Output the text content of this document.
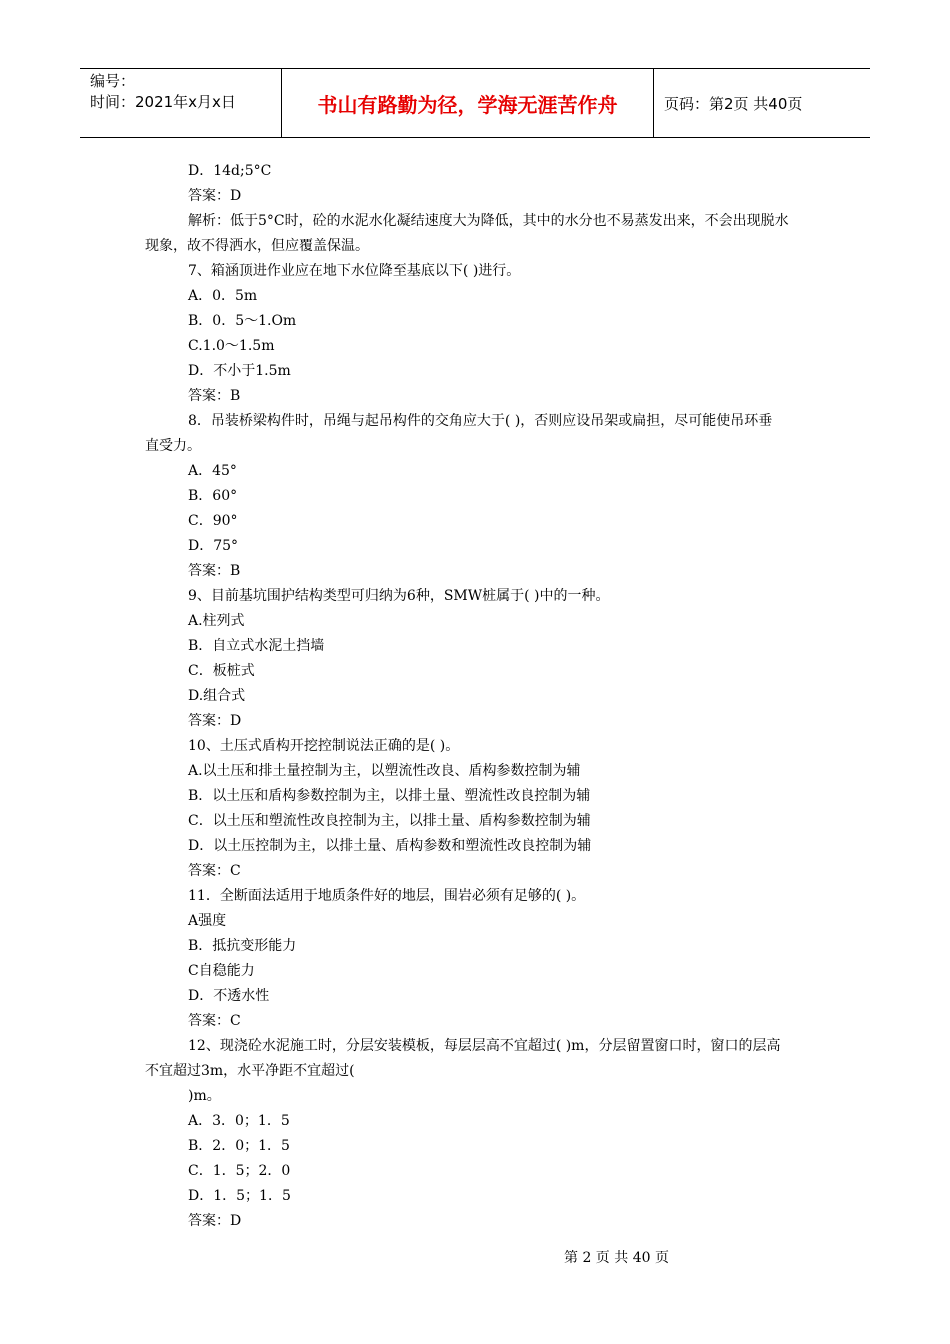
编号：
时间：2021年x月x日	书山有路勤为径，学海无涯苦作舟	页码：第2页 共40页
D．14d;5°C
答案：D
解析：低于5°C时，砼的水泥水化凝结速度大为降低，其中的水分也不易蒸发出来，不会出现脱水
现象，故不得洒水，但应覆盖保温。
7、箱涵顶进作业应在地下水位降至基底以下( )进行。
A．0．5m
B．0．5～1.Om
C.1.0～1.5m
D．不小于1.5m
答案：B
8．吊装桥梁构件时，吊绳与起吊构件的交角应大于( )，否则应设吊架或扁担，尽可能使吊环垂
直受力。
A．45°
B．60°
C．90°
D．75°
答案：B
9、目前基坑围护结构类型可归纳为6种，SMW桩属于( )中的一种。
A.柱列式
B．自立式水泥土挡墙
C．板桩式
D.组合式
答案：D
10、土压式盾构开挖控制说法正确的是( )。
A.以土压和排土量控制为主，以塑流性改良、盾构参数控制为辅
B．以土压和盾构参数控制为主，以排土量、塑流性改良控制为辅
C．以土压和塑流性改良控制为主，以排土量、盾构参数控制为辅
D．以土压控制为主，以排土量、盾构参数和塑流性改良控制为辅
答案：C
11．全断面法适用于地质条件好的地层，围岩必须有足够的( )。
A强度
B．抵抗变形能力
C自稳能力
D．不透水性
答案：C
12、现浇砼水泥施工时，分层安装模板，每层层高不宜超过( )m，分层留置窗口时，窗口的层高
不宜超过3m，水平净距不宜超过(
)m。
A．3．0；1．5
B．2．0；1．5
C．1．5；2．0
D．1．5；1．5
答案：D
第 2 页 共 40 页
